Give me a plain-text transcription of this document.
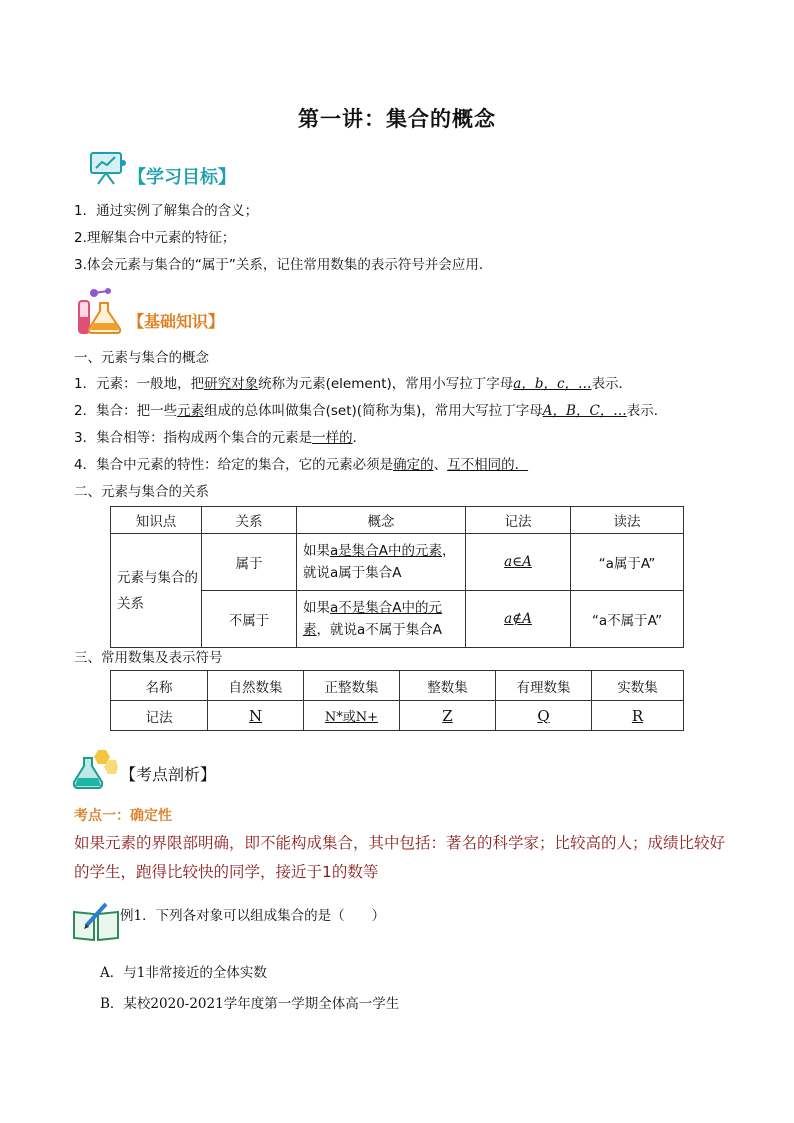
第一讲：集合的概念
【学习目标】
1．通过实例了解集合的含义；
2.理解集合中元素的特征；
3.体会元素与集合的“属于”关系，记住常用数集的表示符号并会应用．
【基础知识】
一、元素与集合的概念
1．元素：一般地，把研究对象统称为元素(element)，常用小写拉丁字母a，b，c，…表示．
2．集合：把一些元素组成的总体叫做集合(set)(简称为集)，常用大写拉丁字母A，B，C，…表示．
3．集合相等：指构成两个集合的元素是一样的．
4．集合中元素的特性：给定的集合，它的元素必须是确定的、互不相同的．
二、元素与集合的关系
知识点	关系	概念	记法	读法
元素与集合的关系	属于	如果a是集合A中的元素，就说a属于集合A	a∈A	“a属于A”
	不属于	如果a不是集合A中的元素，就说a不属于集合A	a∉A	“a不属于A”
三、常用数集及表示符号
名称	自然数集	正整数集	整数集	有理数集	实数集
记法	N	N*或N+	Z	Q	R
【考点剖析】
考点一：确定性
如果元素的界限部明确，即不能构成集合，其中包括：著名的科学家；比较高的人；成绩比较好的学生，跑得比较快的同学，接近于1的数等
例1．下列各对象可以组成集合的是（　　）
A．与1非常接近的全体实数
B．某校2020-2021学年度第一学期全体高一学生
